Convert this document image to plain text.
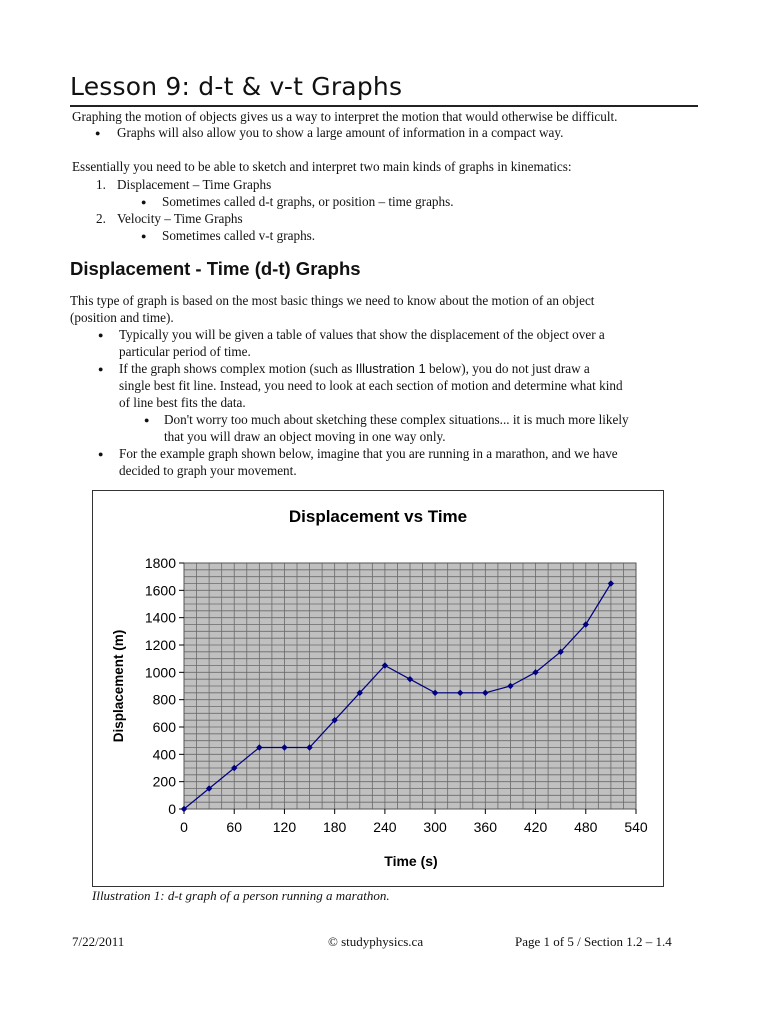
Lesson 9: d-t & v-t Graphs
Graphing the motion of objects gives us a way to interpret the motion that would otherwise be difficult.
● Graphs will also allow you to show a large amount of information in a compact way.
Essentially you need to be able to sketch and interpret two main kinds of graphs in kinematics:
1. Displacement – Time Graphs
● Sometimes called d-t graphs, or position – time graphs.
2. Velocity – Time Graphs
● Sometimes called v-t graphs.
Displacement - Time (d-t) Graphs
This type of graph is based on the most basic things we need to know about the motion of an object
(position and time).
● Typically you will be given a table of values that show the displacement of the object over a
particular period of time.
● If the graph shows complex motion (such as Illustration 1 below), you do not just draw a
single best fit line. Instead, you need to look at each section of motion and determine what kind
of line best fits the data.
● Don't worry too much about sketching these complex situations... it is much more likely
that you will draw an object moving in one way only.
● For the example graph shown below, imagine that you are running in a marathon, and we have
decided to graph your movement.
Displacement vs Time
Displacement (m)
Time (s)
0
200
400
600
800
1000
1200
1400
1600
1800
0	60 120 180 240 300 360 420 480 540
Illustration 1: d-t graph of a person running a marathon.
7/22/2011	© studyphysics.ca	Page 1 of 5 / Section 1.2 – 1.4
